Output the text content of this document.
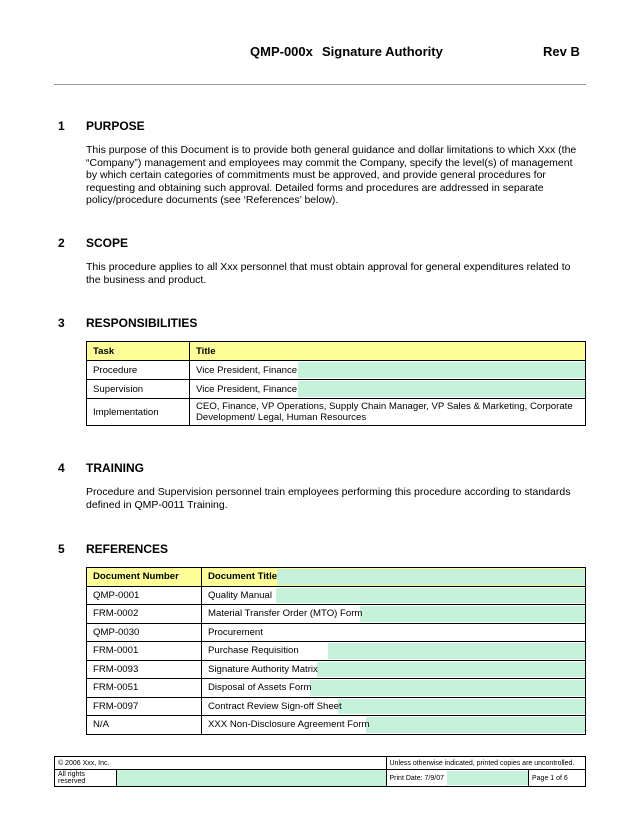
QMP-000x Signature Authority	Rev B
1 PURPOSE
This purpose of this Document is to provide both general guidance and dollar limitations to which Xxx (the “Company”) management and employees may commit the Company, specify the level(s) of management by which certain categories of commitments must be approved, and provide general procedures for requesting and obtaining such approval. Detailed forms and procedures are addressed in separate policy/procedure documents (see ‘References’ below).
2 SCOPE
This procedure applies to all Xxx personnel that must obtain approval for general expenditures related to the business and product.
3 RESPONSIBILITIES
Task	Title
Procedure	Vice President, Finance
Supervision	Vice President, Finance
Implementation	CEO, Finance, VP Operations, Supply Chain Manager, VP Sales & Marketing, Corporate Development/ Legal, Human Resources
4 TRAINING
Procedure and Supervision personnel train employees performing this procedure according to standards defined in QMP-0011 Training.
5 REFERENCES
Document Number	Document Title
QMP-0001	Quality Manual
FRM-0002	Material Transfer Order (MTO) Form
QMP-0030	Procurement
FRM-0001	Purchase Requisition
FRM-0093	Signature Authority Matrix
FRM-0051	Disposal of Assets Form
FRM-0097	Contract Review Sign-off Sheet
N/A	XXX Non-Disclosure Agreement Form
© 2006 Xxx, Inc.		Unless otherwise indicated, printed copies are uncontrolled.	
All rights reserved		Print Date: 7/9/07	Page 1 of 6
